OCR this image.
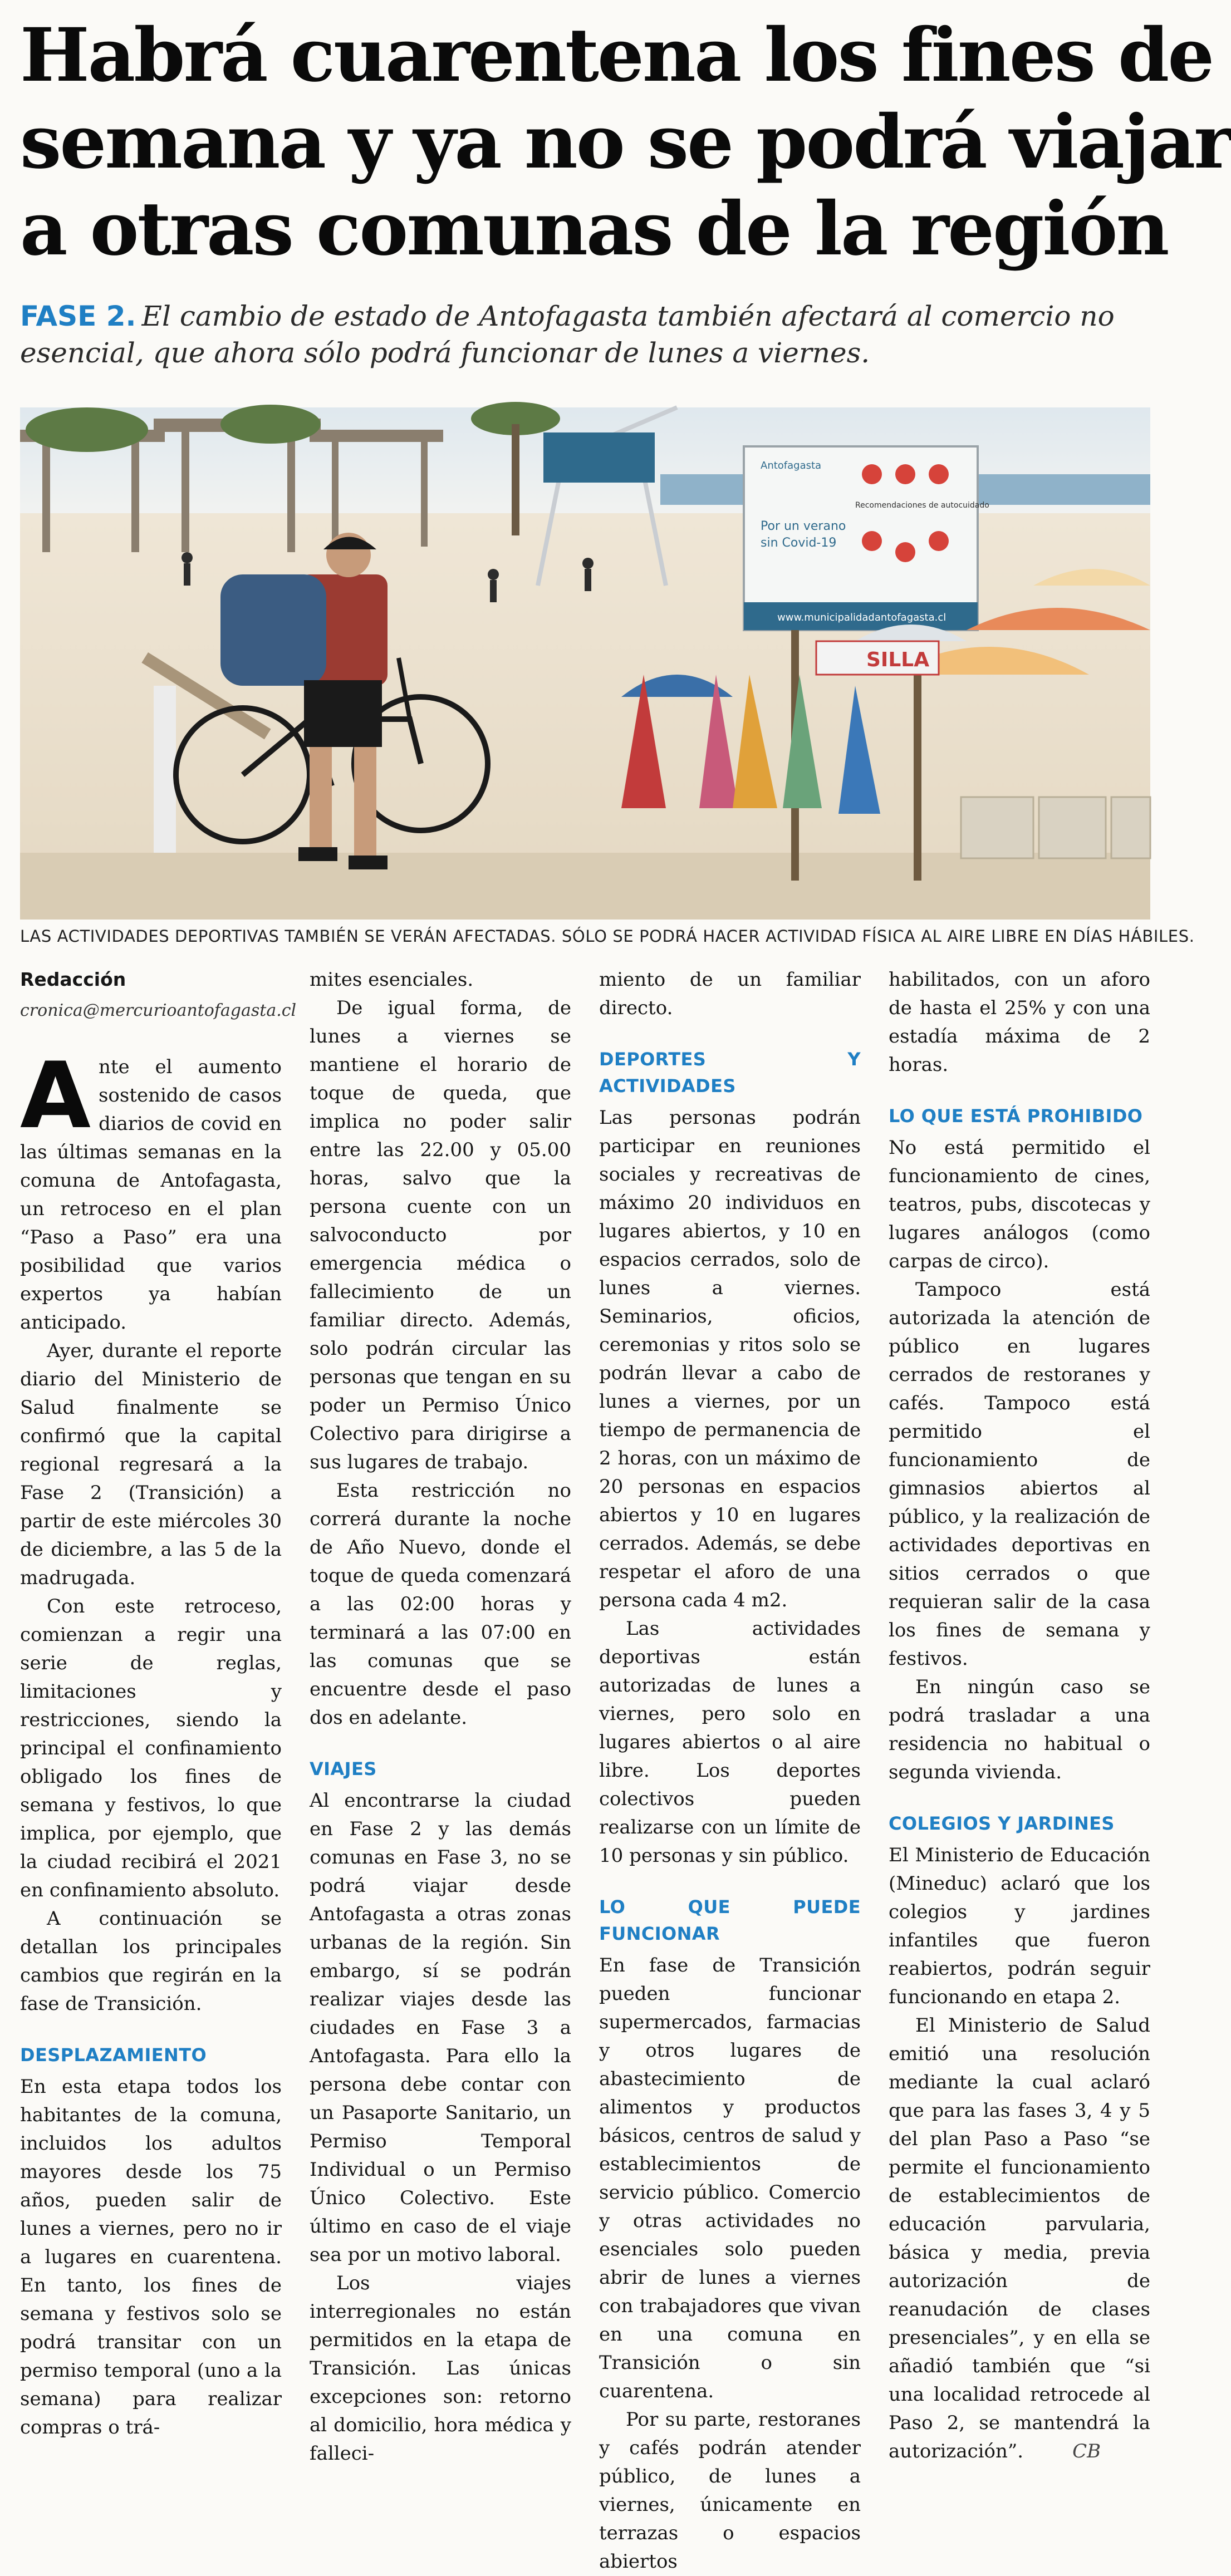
Habrá cuarentena los fines de
semana y ya no se podrá viajar
a otras comunas de la región
FASE 2. El cambio de estado de Antofagasta también afectará al comercio no esencial, que ahora sólo podrá funcionar de lunes a viernes.
Antofagasta
Por un verano
sin Covid-19
Recomendaciones de autocuidado
www.municipalidadantofagasta.cl
SILLA
LAS ACTIVIDADES DEPORTIVAS TAMBIÉN SE VERÁN AFECTADAS. SÓLO SE PODRÁ HACER ACTIVIDAD FÍSICA AL AIRE LIBRE EN DÍAS HÁBILES.
Redacción
cronica@mercurioantofagasta.cl

Ante el aumento sostenido de casos diarios de covid en las últimas semanas en la comuna de Antofagasta, un retroceso en el plan “Paso a Paso” era una posibilidad que varios expertos ya habían anticipado.

Ayer, durante el reporte diario del Ministerio de Salud finalmente se confirmó que la capital regional regresará a la Fase 2 (Transición) a partir de este miércoles 30 de diciembre, a las 5 de la madrugada.

Con este retroceso, comienzan a regir una serie de reglas, limitaciones y restricciones, siendo la principal el confinamiento obligado los fines de semana y festivos, lo que implica, por ejemplo, que la ciudad recibirá el 2021 en confinamiento absoluto.

A continuación se detallan los principales cambios que regirán en la fase de Transición.

DESPLAZAMIENTO

En esta etapa todos los habitantes de la comuna, incluidos los adultos mayores desde los 75 años, pueden salir de lunes a viernes, pero no ir a lugares en cuarentena. En tanto, los fines de semana y festivos solo se podrá transitar con un permiso temporal (uno a la semana) para realizar compras o trá-

mites esenciales.

De igual forma, de lunes a viernes se mantiene el horario de toque de queda, que implica no poder salir entre las 22.00 y 05.00 horas, salvo que la persona cuente con un salvoconducto por emergencia médica o fallecimiento de un familiar directo. Además, solo podrán circular las personas que tengan en su poder un Permiso Único Colectivo para dirigirse a sus lugares de trabajo.

Esta restricción no correrá durante la noche de Año Nuevo, donde el toque de queda comenzará a las 02:00 horas y terminará a las 07:00 en las comunas que se encuentre desde el paso dos en adelante.

VIAJES

Al encontrarse la ciudad en Fase 2 y las demás comunas en Fase 3, no se podrá viajar desde Antofagasta a otras zonas urbanas de la región. Sin embargo, sí se podrán realizar viajes desde las ciudades en Fase 3 a Antofagasta. Para ello la persona debe contar con un Pasaporte Sanitario, un Permiso Temporal Individual o un Permiso Único Colectivo. Este último en caso de el viaje sea por un motivo laboral.

Los viajes interregionales no están permitidos en la etapa de Transición. Las únicas excepciones son: retorno al domicilio, hora médica y falleci-

miento de un familiar directo.

DEPORTES Y ACTIVIDADES

Las personas podrán participar en reuniones sociales y recreativas de máximo 20 individuos en lugares abiertos, y 10 en espacios cerrados, solo de lunes a viernes. Seminarios, oficios, ceremonias y ritos solo se podrán llevar a cabo de lunes a viernes, por un tiempo de permanencia de 2 horas, con un máximo de 20 personas en espacios abiertos y 10 en lugares cerrados. Además, se debe respetar el aforo de una persona cada 4 m2.

Las actividades deportivas están autorizadas de lunes a viernes, pero solo en lugares abiertos o al aire libre. Los deportes colectivos pueden realizarse con un límite de 10 personas y sin público.

LO QUE PUEDE FUNCIONAR

En fase de Transición pueden funcionar supermercados, farmacias y otros lugares de abastecimiento de alimentos y productos básicos, centros de salud y establecimientos de servicio público. Comercio y otras actividades no esenciales solo pueden abrir de lunes a viernes con trabajadores que vivan en una comuna en Transición o sin cuarentena.

Por su parte, restoranes y cafés podrán atender público, de lunes a viernes, únicamente en terrazas o espacios abiertos

habilitados, con un aforo de hasta el 25% y con una estadía máxima de 2 horas.

LO QUE ESTÁ PROHIBIDO

No está permitido el funcionamiento de cines, teatros, pubs, discotecas y lugares análogos (como carpas de circo).

Tampoco está autorizada la atención de público en lugares cerrados de restoranes y cafés. Tampoco está permitido el funcionamiento de gimnasios abiertos al público, y la realización de actividades deportivas en sitios cerrados o que requieran salir de la casa los fines de semana y festivos.

En ningún caso se podrá trasladar a una residencia no habitual o segunda vivienda.

COLEGIOS Y JARDINES

El Ministerio de Educación (Mineduc) aclaró que los colegios y jardines infantiles que fueron reabiertos, podrán seguir funcionando en etapa 2.

El Ministerio de Salud emitió una resolución mediante la cual aclaró que para las fases 3, 4 y 5 del plan Paso a Paso “se permite el funcionamiento de establecimientos de educación parvularia, básica y media, previa autorización de reanudación de clases presenciales”, y en ella se añadió también que “si una localidad retrocede al Paso 2, se mantendrá la autorización”.	CB
